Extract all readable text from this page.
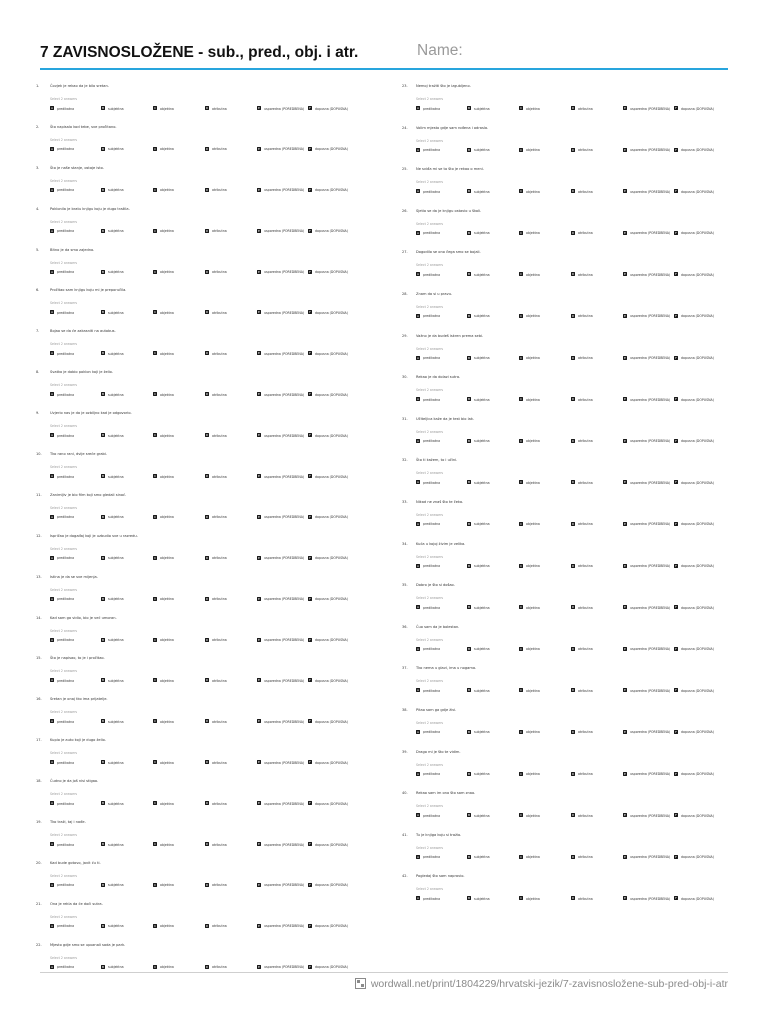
7 ZAVISNOSLOŽENE - sub., pred., obj. i atr.	Name:
1.	Čovjek je rekao da je bilo sretan.
Select 2 answers
A	predikatna	B	subjektna	C objektna	D atributna	E	usporedna (POREDBENA)	F	dopusna (DOPUSNA)
2.	Što napisalo kod tebe, sve pročitano.
Select 2 answers
A	predikatna	B	subjektna	C objektna	D atributna	E	usporedna (POREDBENA)	F	dopusna (DOPUSNA)
3.	Što je naše stanje, ostaje isto.
Select 2 answers
A	predikatna	B	subjektna	C objektna	D atributna	E	usporedna (POREDBENA)	F	dopusna (DOPUSNA)
4.	Poklonila je bratu knjigu koju je dugo tražila.
Select 2 answers
A	predikatna	B	subjektna	C objektna	D atributna	E	usporedna (POREDBENA)	F	dopusna (DOPUSNA)
5.	Bitno je da smo zajedno.
Select 2 answers
A	predikatna	B	subjektna	C objektna	D atributna	E	usporedna (POREDBENA)	F	dopusna (DOPUSNA)
6.	Pročitao sam knjigu koju mi je preporučila.
Select 2 answers
A	predikatna	B	subjektna	C objektna	D atributna	E	usporedna (POREDBENA)	F	dopusna (DOPUSNA)
7.	Bojao se da će zakasniti na autobus.
Select 2 answers
A	predikatna	B	subjektna	C objektna	D atributna	E	usporedna (POREDBENA)	F	dopusna (DOPUSNA)
8.	Svatko je dobio poklon koji je želio.
Select 2 answers
A	predikatna	B	subjektna	C objektna	D atributna	E	usporedna (POREDBENA)	F	dopusna (DOPUSNA)
9.	Uvjerio nas je da je ozbiljno kad je odgovorio.
Select 2 answers
A	predikatna	B	subjektna	C objektna	D atributna	E	usporedna (POREDBENA)	F	dopusna (DOPUSNA)
10.	Tko rano rani, dvije sreće grabi.
Select 2 answers
A	predikatna	B	subjektna	C objektna	D atributna	E	usporedna (POREDBENA)	F	dopusna (DOPUSNA)
11.	Zanimljiv je bio film koji smo gledali sinoć.
Select 2 answers
A	predikatna	B	subjektna	C objektna	D atributna	E	usporedna (POREDBENA)	F	dopusna (DOPUSNA)
12.	Ispričao je događaj koji je uzbudio sve u razredu.
Select 2 answers
A	predikatna	B	subjektna	C objektna	D atributna	E	usporedna (POREDBENA)	F	dopusna (DOPUSNA)
13.	Istina je da se sve mijenja.
Select 2 answers
A	predikatna	B	subjektna	C objektna	D atributna	E	usporedna (POREDBENA)	F	dopusna (DOPUSNA)
14.	Kad sam ga vidio, bio je već umoran.
Select 2 answers
A	predikatna	B	subjektna	C objektna	D atributna	E	usporedna (POREDBENA)	F	dopusna (DOPUSNA)
15.	Što je napisao, to je i pročitao.
Select 2 answers
A	predikatna	B	subjektna	C objektna	D atributna	E	usporedna (POREDBENA)	F	dopusna (DOPUSNA)
16.	Sretan je onaj tko ima prijatelje.
Select 2 answers
A	predikatna	B	subjektna	C objektna	D atributna	E	usporedna (POREDBENA)	F	dopusna (DOPUSNA)
17.	Kupio je auto koji je dugo želio.
Select 2 answers
A	predikatna	B	subjektna	C objektna	D atributna	E	usporedna (POREDBENA)	F	dopusna (DOPUSNA)
18.	Čudno je da još nisi stigao.
Select 2 answers
A	predikatna	B	subjektna	C objektna	D atributna	E	usporedna (POREDBENA)	F	dopusna (DOPUSNA)
19.	Tko traži, taj i nađe.
Select 2 answers
A	predikatna	B	subjektna	C objektna	D atributna	E	usporedna (POREDBENA)	F	dopusna (DOPUSNA)
20.	Kad bude gotovo, javit ću ti.
Select 2 answers
A	predikatna	B	subjektna	C objektna	D atributna	E	usporedna (POREDBENA)	F	dopusna (DOPUSNA)
21.	Ona je rekla da će doći sutra.
Select 2 answers
A	predikatna	B	subjektna	C objektna	D atributna	E	usporedna (POREDBENA)	F	dopusna (DOPUSNA)
22.	Mjesto gdje smo se upoznali sada je park.
Select 2 answers
A	predikatna	B	subjektna	C objektna	D atributna	E	usporedna (POREDBENA)	F	dopusna (DOPUSNA)
23.	Nemoj tražiti što je izgubljeno.
Select 2 answers
A	predikatna	B	subjektna	C objektna	D atributna	E	usporedna (POREDBENA)	F	dopusna (DOPUSNA)
24.	Volim mjesto gdje sam rođena i odrasla.
Select 2 answers
A	predikatna	B	subjektna	C objektna	D atributna	E	usporedna (POREDBENA)	F	dopusna (DOPUSNA)
25.	Ne sviđa mi se to što je rekao o meni.
Select 2 answers
A	predikatna	B	subjektna	C objektna	D atributna	E	usporedna (POREDBENA)	F	dopusna (DOPUSNA)
26.	Sjetio se da je knjigu ostavio u školi.
Select 2 answers
A	predikatna	B	subjektna	C objektna	D atributna	E	usporedna (POREDBENA)	F	dopusna (DOPUSNA)
27.	Dogodilo se ono čega smo se bojali.
Select 2 answers
A	predikatna	B	subjektna	C objektna	D atributna	E	usporedna (POREDBENA)	F	dopusna (DOPUSNA)
28.	Znam da si u pravu.
Select 2 answers
A	predikatna	B	subjektna	C objektna	D atributna	E	usporedna (POREDBENA)	F	dopusna (DOPUSNA)
29.	Važno je da budeš iskren prema sebi.
Select 2 answers
A	predikatna	B	subjektna	C objektna	D atributna	E	usporedna (POREDBENA)	F	dopusna (DOPUSNA)
30.	Rekao je da dolazi sutra.
Select 2 answers
A	predikatna	B	subjektna	C objektna	D atributna	E	usporedna (POREDBENA)	F	dopusna (DOPUSNA)
31.	Učiteljica kaže da je test bio lak.
Select 2 answers
A	predikatna	B	subjektna	C objektna	D atributna	E	usporedna (POREDBENA)	F	dopusna (DOPUSNA)
32.	Što ti kažem, to i učini.
Select 2 answers
A	predikatna	B	subjektna	C objektna	D atributna	E	usporedna (POREDBENA)	F	dopusna (DOPUSNA)
33.	Nikad ne znaš što te čeka.
Select 2 answers
A	predikatna	B	subjektna	C objektna	D atributna	E	usporedna (POREDBENA)	F	dopusna (DOPUSNA)
34.	Kuća u kojoj živim je velika.
Select 2 answers
A	predikatna	B	subjektna	C objektna	D atributna	E	usporedna (POREDBENA)	F	dopusna (DOPUSNA)
35.	Dobro je što si došao.
Select 2 answers
A	predikatna	B	subjektna	C objektna	D atributna	E	usporedna (POREDBENA)	F	dopusna (DOPUSNA)
36.	Čuo sam da je bolestan.
Select 2 answers
A	predikatna	B	subjektna	C objektna	D atributna	E	usporedna (POREDBENA)	F	dopusna (DOPUSNA)
37.	Tko nema u glavi, ima u nogama.
Select 2 answers
A	predikatna	B	subjektna	C objektna	D atributna	E	usporedna (POREDBENA)	F	dopusna (DOPUSNA)
38.	Pitao sam ga gdje živi.
Select 2 answers
A	predikatna	B	subjektna	C objektna	D atributna	E	usporedna (POREDBENA)	F	dopusna (DOPUSNA)
39.	Drago mi je što te vidim.
Select 2 answers
A	predikatna	B	subjektna	C objektna	D atributna	E	usporedna (POREDBENA)	F	dopusna (DOPUSNA)
40.	Rekao sam im ono što sam znao.
Select 2 answers
A	predikatna	B	subjektna	C objektna	D atributna	E	usporedna (POREDBENA)	F	dopusna (DOPUSNA)
41.	Tu je knjiga koju si tražio.
Select 2 answers
A	predikatna	B	subjektna	C objektna	D atributna	E	usporedna (POREDBENA)	F	dopusna (DOPUSNA)
42.	Pogledaj što sam napravio.
Select 2 answers
A	predikatna	B	subjektna	C objektna	D atributna	E	usporedna (POREDBENA)	F	dopusna (DOPUSNA)
wordwall.net/print/1804229/hrvatski-jezik/7-zavisnosložene-sub-pred-obj-i-atr
